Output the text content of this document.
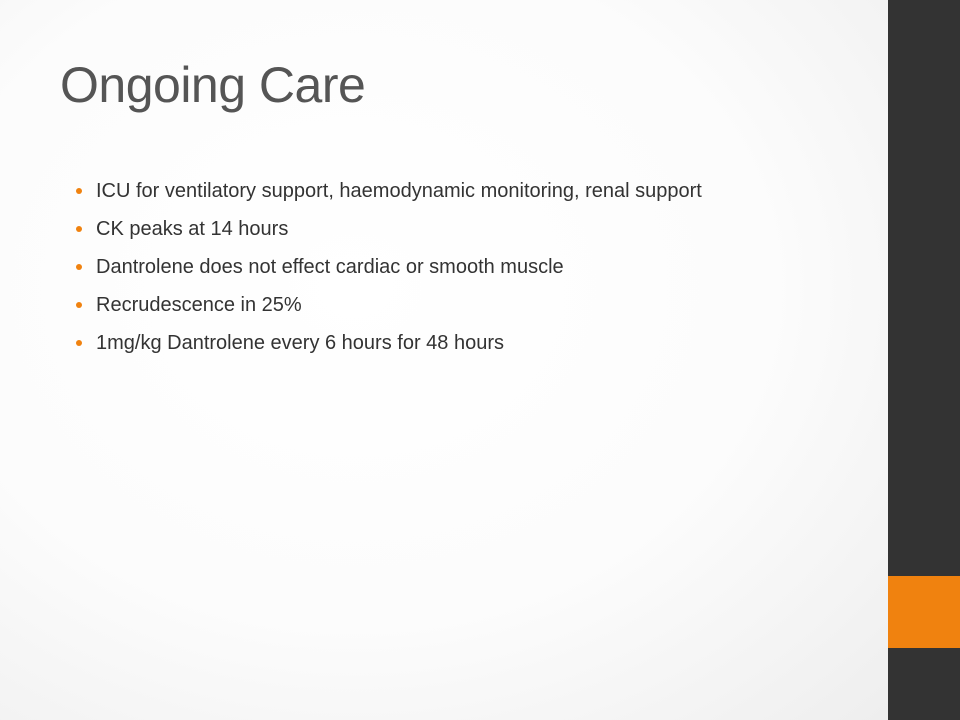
Ongoing Care
ICU for ventilatory support, haemodynamic monitoring, renal support
CK peaks at 14 hours
Dantrolene does not effect cardiac or smooth muscle
Recrudescence in 25%
1mg/kg Dantrolene every 6 hours for 48 hours
